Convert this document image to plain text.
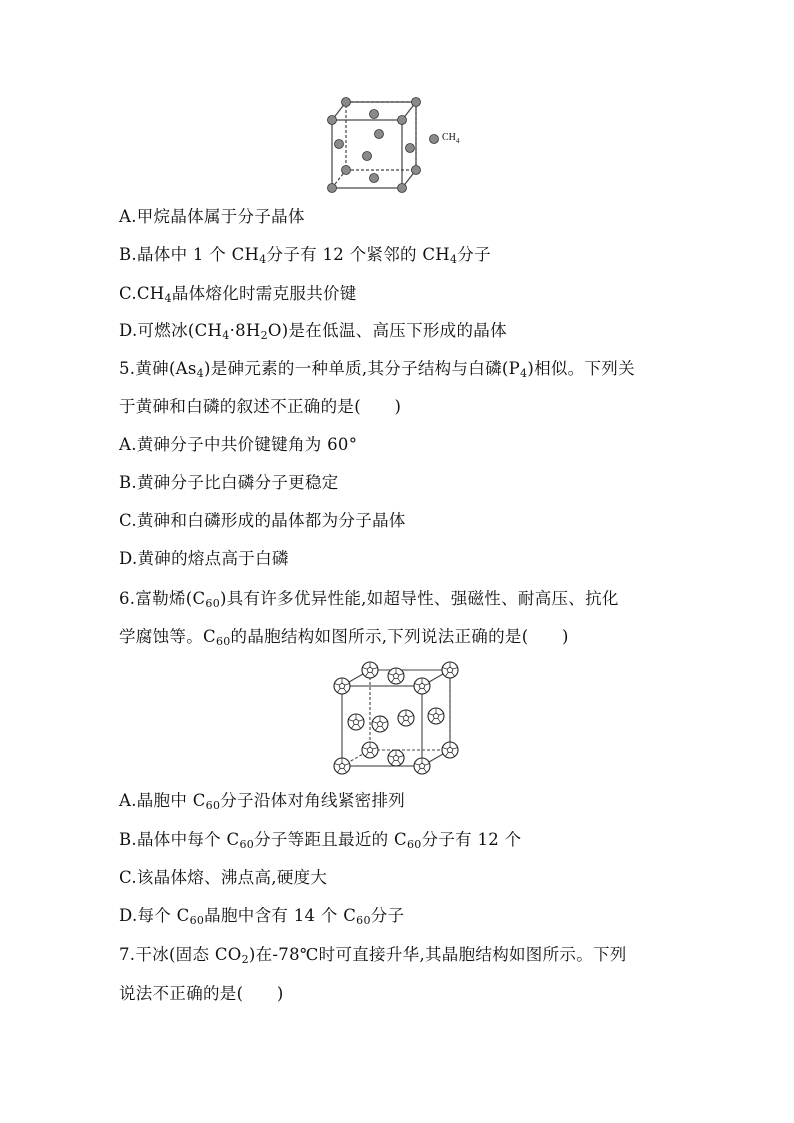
$CH_4$
A.甲烷晶体属于分子晶体
B.晶体中 1 个 $CH_4$分子有 12 个紧邻的 $CH_4$分子
$C.CH_4$晶体熔化时需克服共价键
D.可燃冰$(CH_4\cdot 8H_2O)$是在低温、高压下形成的晶体
5.黄砷$(As_4)$是砷元素的一种单质,其分子结构与白磷$(P_4)$相似。下列关
于黄砷和白磷的叙述不正确的是(　　)
A.黄砷分子中共价键键角为 60°
B.黄砷分子比白磷分子更稳定
C.黄砷和白磷形成的晶体都为分子晶体
D.黄砷的熔点高于白磷
6.富勒烯$(C_{60})$具有许多优异性能,如超导性、强磁性、耐高压、抗化
学腐蚀等。$C_{60}$的晶胞结构如图所示,下列说法正确的是(　　)
A.晶胞中 $C_{60}$分子沿体对角线紧密排列
B.晶体中每个 $C_{60}$分子等距且最近的 $C_{60}$分子有 12 个
C.该晶体熔、沸点高,硬度大
D.每个 $C_{60}$晶胞中含有 14 个 $C_{60}$分子
7.干冰(固态 $CO_2$)在-78℃时可直接升华,其晶胞结构如图所示。下列
说法不正确的是(　　)
